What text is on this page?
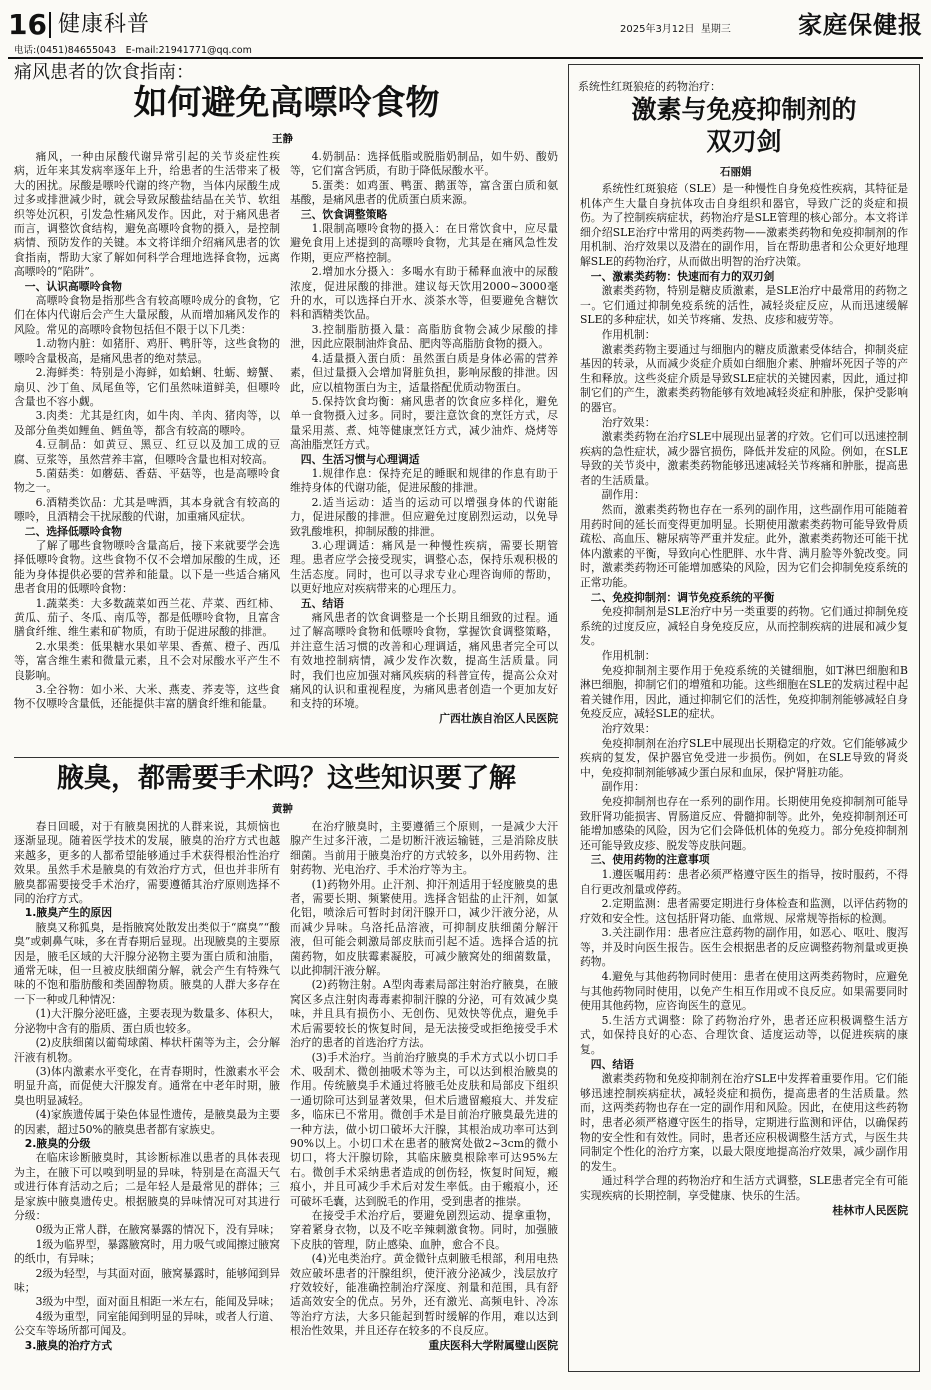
16 健康科普	2025年3月12日 星期三	家庭保健报
电话:(0451)84655043　E-mail:21941771@qq.com
痛风患者的饮食指南：
如何避免高嘌呤食物
王静

痛风，一种由尿酸代谢异常引起的关节炎症性疾病，近年来其发病率逐年上升，给患者的生活带来了极大的困扰。尿酸是嘌呤代谢的终产物，当体内尿酸生成过多或排泄减少时，就会导致尿酸盐结晶在关节、软组织等处沉积，引发急性痛风发作。因此，对于痛风患者而言，调整饮食结构，避免高嘌呤食物的摄入，是控制病情、预防发作的关键。本文将详细介绍痛风患者的饮食指南，帮助大家了解如何科学合理地选择食物，远离高嘌呤的“陷阱”。

一、认识高嘌呤食物

高嘌呤食物是指那些含有较高嘌呤成分的食物，它们在体内代谢后会产生大量尿酸，从而增加痛风发作的风险。常见的高嘌呤食物包括但不限于以下几类：

1.动物内脏：如猪肝、鸡肝、鸭肝等，这些食物的嘌呤含量极高，是痛风患者的绝对禁忌。

2.海鲜类：特别是小海鲜，如蛤蜊、牡蛎、螃蟹、扇贝、沙丁鱼、凤尾鱼等，它们虽然味道鲜美，但嘌呤含量也不容小觑。

3.肉类：尤其是红肉，如牛肉、羊肉、猪肉等，以及部分鱼类如鲤鱼、鳕鱼等，都含有较高的嘌呤。

4.豆制品：如黄豆、黑豆、红豆以及加工成的豆腐、豆浆等，虽然营养丰富，但嘌呤含量也相对较高。

5.菌菇类：如蘑菇、香菇、平菇等，也是高嘌呤食物之一。

6.酒精类饮品：尤其是啤酒，其本身就含有较高的嘌呤，且酒精会干扰尿酸的代谢，加重痛风症状。

二、选择低嘌呤食物

了解了哪些食物嘌呤含量高后，接下来就要学会选择低嘌呤食物。这些食物不仅不会增加尿酸的生成，还能为身体提供必要的营养和能量。以下是一些适合痛风患者食用的低嘌呤食物：

1.蔬菜类：大多数蔬菜如西兰花、芹菜、西红柿、黄瓜、茄子、冬瓜、南瓜等，都是低嘌呤食物，且富含膳食纤维、维生素和矿物质，有助于促进尿酸的排泄。

2.水果类：低果糖水果如苹果、香蕉、橙子、西瓜等，富含维生素和微量元素，且不会对尿酸水平产生不良影响。

3.全谷物：如小米、大米、燕麦、荞麦等，这些食物不仅嘌呤含量低，还能提供丰富的膳食纤维和能量。

4.奶制品：选择低脂或脱脂奶制品，如牛奶、酸奶等，它们富含钙质，有助于降低尿酸水平。

5.蛋类：如鸡蛋、鸭蛋、鹅蛋等，富含蛋白质和氨基酸，是痛风患者的优质蛋白质来源。

三、饮食调整策略

1.限制高嘌呤食物的摄入：在日常饮食中，应尽量避免食用上述提到的高嘌呤食物，尤其是在痛风急性发作期，更应严格控制。

2.增加水分摄入：多喝水有助于稀释血液中的尿酸浓度，促进尿酸的排泄。建议每天饮用2000~3000毫升的水，可以选择白开水、淡茶水等，但要避免含糖饮料和酒精类饮品。

3.控制脂肪摄入量：高脂肪食物会减少尿酸的排泄，因此应限制油炸食品、肥肉等高脂肪食物的摄入。

4.适量摄入蛋白质：虽然蛋白质是身体必需的营养素，但过量摄入会增加肾脏负担，影响尿酸的排泄。因此，应以植物蛋白为主，适量搭配优质动物蛋白。

5.保持饮食均衡：痛风患者的饮食应多样化，避免单一食物摄入过多。同时，要注意饮食的烹饪方式，尽量采用蒸、煮、炖等健康烹饪方式，减少油炸、烧烤等高油脂烹饪方式。

四、生活习惯与心理调适

1.规律作息：保持充足的睡眠和规律的作息有助于维持身体的代谢功能，促进尿酸的排泄。

2.适当运动：适当的运动可以增强身体的代谢能力，促进尿酸的排泄。但应避免过度剧烈运动，以免导致乳酸堆积，抑制尿酸的排泄。

3.心理调适：痛风是一种慢性疾病，需要长期管理。患者应学会接受现实，调整心态，保持乐观积极的生活态度。同时，也可以寻求专业心理咨询师的帮助，以更好地应对疾病带来的心理压力。

五、结语

痛风患者的饮食调整是一个长期且细致的过程。通过了解高嘌呤食物和低嘌呤食物，掌握饮食调整策略，并注意生活习惯的改善和心理调适，痛风患者完全可以有效地控制病情，减少发作次数，提高生活质量。同时，我们也应加强对痛风疾病的科普宣传，提高公众对痛风的认识和重视程度，为痛风患者创造一个更加友好和支持的环境。

广西壮族自治区人民医院

腋臭，都需要手术吗？这些知识要了解
黄翀

春日回暖，对于有腋臭困扰的人群来说，其烦恼也逐渐显现。随着医学技术的发展，腋臭的治疗方式也越来越多，更多的人都希望能够通过手术获得根治性治疗效果。虽然手术是腋臭的有效治疗方式，但也并非所有腋臭都需要接受手术治疗，需要遵循其治疗原则选择不同的治疗方式。

1.腋臭产生的原因

腋臭又称狐臭，是指腋窝处散发出类似于“腐臭”“酸臭”或刺鼻气味，多在青春期后显现。出现腋臭的主要原因是，腋毛区域的大汗腺分泌物主要为蛋白质和油脂，通常无味，但一旦被皮肤细菌分解，就会产生有特殊气味的不饱和脂肪酸和类固醇物质。腋臭的人群大多存在一下一种或几种情况：

(1)大汗腺分泌旺盛，主要表现为数量多、体积大，分泌物中含有的脂质、蛋白质也较多。

(2)皮肤细菌以葡萄球菌、棒状杆菌等为主，会分解汗液有机物。

(3)体内激素水平变化，在青春期时，性激素水平会明显升高，而促使大汗腺发育。通常在中老年时期，腋臭也明显减轻。

(4)家族遗传属于染色体显性遗传，是腋臭最为主要的因素，超过50%的腋臭患者都有家族史。

2.腋臭的分级

在临床诊断腋臭时，其诊断标准以患者的具体表现为主，在腋下可以嗅到明显的异味，特别是在高温天气或进行体育活动之后；二是年轻人是最常见的群体；三是家族中腋臭遗传史。根据腋臭的异味情况可对其进行分级：

0级为正常人群，在腋窝暴露的情况下，没有异味；

1级为临界型，暴露腋窝时，用力吸气或闻擦过腋窝的纸巾，有异味；

2级为轻型，与其面对面，腋窝暴露时，能够闻到异味；

3级为中型，面对面且相距一米左右，能闻及异味；

4级为重型，同室能闻到明显的异味，或者人行道、公交车等场所都可闻及。

3.腋臭的治疗方式

在治疗腋臭时，主要遵循三个原则，一是减少大汗腺产生过多汗液，二是切断汗液运输链，三是消除皮肤细菌。当前用于腋臭治疗的方式较多，以外用药物、注射药物、光电治疗、手术治疗等为主。

(1)药物外用。止汗剂、抑汗剂适用于轻度腋臭的患者，需要长期、频繁使用。选择含铝盐的止汗剂，如氯化铝，喷涂后可暂时封闭汗腺开口，减少汗液分泌，从而减少异味。乌洛托品溶液，可抑制皮肤细菌分解汗液，但可能会刺激局部皮肤而引起不适。选择合适的抗菌药物，如皮肤霉素凝胶，可减少腋窝处的细菌数量，以此抑制汗液分解。

(2)药物注射。A型肉毒素局部注射治疗腋臭，在腋窝区多点注射肉毒毒素抑制汗腺的分泌，可有效减少臭味，并且具有损伤小、无创伤、见效快等优点，避免手术后需要较长的恢复时间，是无法接受或拒绝接受手术治疗的患者的首选治疗方法。

(3)手术治疗。当前治疗腋臭的手术方式以小切口手术、吸刮术、微创抽吸术等为主，可以达到根治腋臭的作用。传统腋臭手术通过将腋毛处皮肤和局部皮下组织一通切除可达到显著效果，但术后遗留瘢痕大、并发症多，临床已不常用。微创手术是目前治疗腋臭最先进的一种方法，做小切口破坏大汗腺，其根治成功率可达到90%以上。小切口术在患者的腋窝处做2~3cm的微小切口，将大汗腺切除，其临床腋臭根除率可达95%左右。微创手术采纳患者造成的创伤轻，恢复时间短，瘢痕小，并且可减少手术后对发生率低。由于瘢痕小，还可破坏毛囊，达到脱毛的作用，受到患者的推崇。

在接受手术治疗后，要避免剧烈运动、提拿重物，穿着紧身衣物，以及不吃辛辣刺激食物。同时，加强腋下皮肤的管理，防止感染、血肿，愈合不良。

(4)光电类治疗。黄金微针点刺腋毛根部，利用电热效应破坏患者的汗腺组织，使汗液分泌减少，浅层放疗疗效较好，能准确控制治疗深度、剂量和范围，具有舒适高效安全的优点。另外，还有激光、高频电针、冷冻等治疗方法，大多只能起到暂时缓解的作用，难以达到根治性效果，并且还存在较多的不良反应。

重庆医科大学附属璧山医院

系统性红斑狼疮的药物治疗：
激素与免疫抑制剂的
双刃剑
石丽娟

系统性红斑狼疮（SLE）是一种慢性自身免疫性疾病，其特征是机体产生大量自身抗体攻击自身组织和器官，导致广泛的炎症和损伤。为了控制疾病症状，药物治疗是SLE管理的核心部分。本文将详细介绍SLE治疗中常用的两类药物——激素类药物和免疫抑制剂的作用机制、治疗效果以及潜在的副作用，旨在帮助患者和公众更好地理解SLE的药物治疗，从而做出明智的治疗决策。

一、激素类药物：快速而有力的双刃剑

激素类药物，特别是糖皮质激素，是SLE治疗中最常用的药物之一。它们通过抑制免疫系统的活性，减轻炎症反应，从而迅速缓解SLE的多种症状，如关节疼痛、发热、皮疹和疲劳等。

作用机制：

激素类药物主要通过与细胞内的糖皮质激素受体结合，抑制炎症基因的转录，从而减少炎症介质如白细胞介素、肿瘤坏死因子等的产生和释放。这些炎症介质是导致SLE症状的关键因素，因此，通过抑制它们的产生，激素类药物能够有效地减轻炎症和肿胀，保护受影响的器官。

治疗效果：

激素类药物在治疗SLE中展现出显著的疗效。它们可以迅速控制疾病的急性症状，减少器官损伤，降低并发症的风险。例如，在SLE导致的关节炎中，激素类药物能够迅速减轻关节疼痛和肿胀，提高患者的生活质量。

副作用：

然而，激素类药物也存在一系列的副作用，这些副作用可能随着用药时间的延长而变得更加明显。长期使用激素类药物可能导致骨质疏松、高血压、糖尿病等严重并发症。此外，激素类药物还可能干扰体内激素的平衡，导致向心性肥胖、水牛背、满月脸等外貌改变。同时，激素类药物还可能增加感染的风险，因为它们会抑制免疫系统的正常功能。

二、免疫抑制剂：调节免疫系统的平衡

免疫抑制剂是SLE治疗中另一类重要的药物。它们通过抑制免疫系统的过度反应，减轻自身免疫反应，从而控制疾病的进展和减少复发。

作用机制：

免疫抑制剂主要作用于免疫系统的关键细胞，如T淋巴细胞和B淋巴细胞，抑制它们的增殖和功能。这些细胞在SLE的发病过程中起着关键作用，因此，通过抑制它们的活性，免疫抑制剂能够减轻自身免疫反应，减轻SLE的症状。

治疗效果：

免疫抑制剂在治疗SLE中展现出长期稳定的疗效。它们能够减少疾病的复发，保护器官免受进一步损伤。例如，在SLE导致的肾炎中，免疫抑制剂能够减少蛋白尿和血尿，保护肾脏功能。

副作用：

免疫抑制剂也存在一系列的副作用。长期使用免疫抑制剂可能导致肝肾功能损害、胃肠道反应、骨髓抑制等。此外，免疫抑制剂还可能增加感染的风险，因为它们会降低机体的免疫力。部分免疫抑制剂还可能导致皮疹、脱发等皮肤问题。

三、使用药物的注意事项

1.遵医嘱用药：患者必须严格遵守医生的指导，按时服药，不得自行更改剂量或停药。

2.定期监测：患者需要定期进行身体检查和监测，以评估药物的疗效和安全性。这包括肝肾功能、血常规、尿常规等指标的检测。

3.关注副作用：患者应注意药物的副作用，如恶心、呕吐、腹泻等，并及时向医生报告。医生会根据患者的反应调整药物剂量或更换药物。

4.避免与其他药物同时使用：患者在使用这两类药物时，应避免与其他药物同时使用，以免产生相互作用或不良反应。如果需要同时使用其他药物，应咨询医生的意见。

5.生活方式调整：除了药物治疗外，患者还应积极调整生活方式，如保持良好的心态、合理饮食、适度运动等，以促进疾病的康复。

四、结语

激素类药物和免疫抑制剂在治疗SLE中发挥着重要作用。它们能够迅速控制疾病症状，减轻炎症和损伤，提高患者的生活质量。然而，这两类药物也存在一定的副作用和风险。因此，在使用这些药物时，患者必须严格遵守医生的指导，定期进行监测和评估，以确保药物的安全性和有效性。同时，患者还应积极调整生活方式，与医生共同制定个性化的治疗方案，以最大限度地提高治疗效果，减少副作用的发生。

通过科学合理的药物治疗和生活方式调整，SLE患者完全有可能实现疾病的长期控制，享受健康、快乐的生活。

桂林市人民医院
